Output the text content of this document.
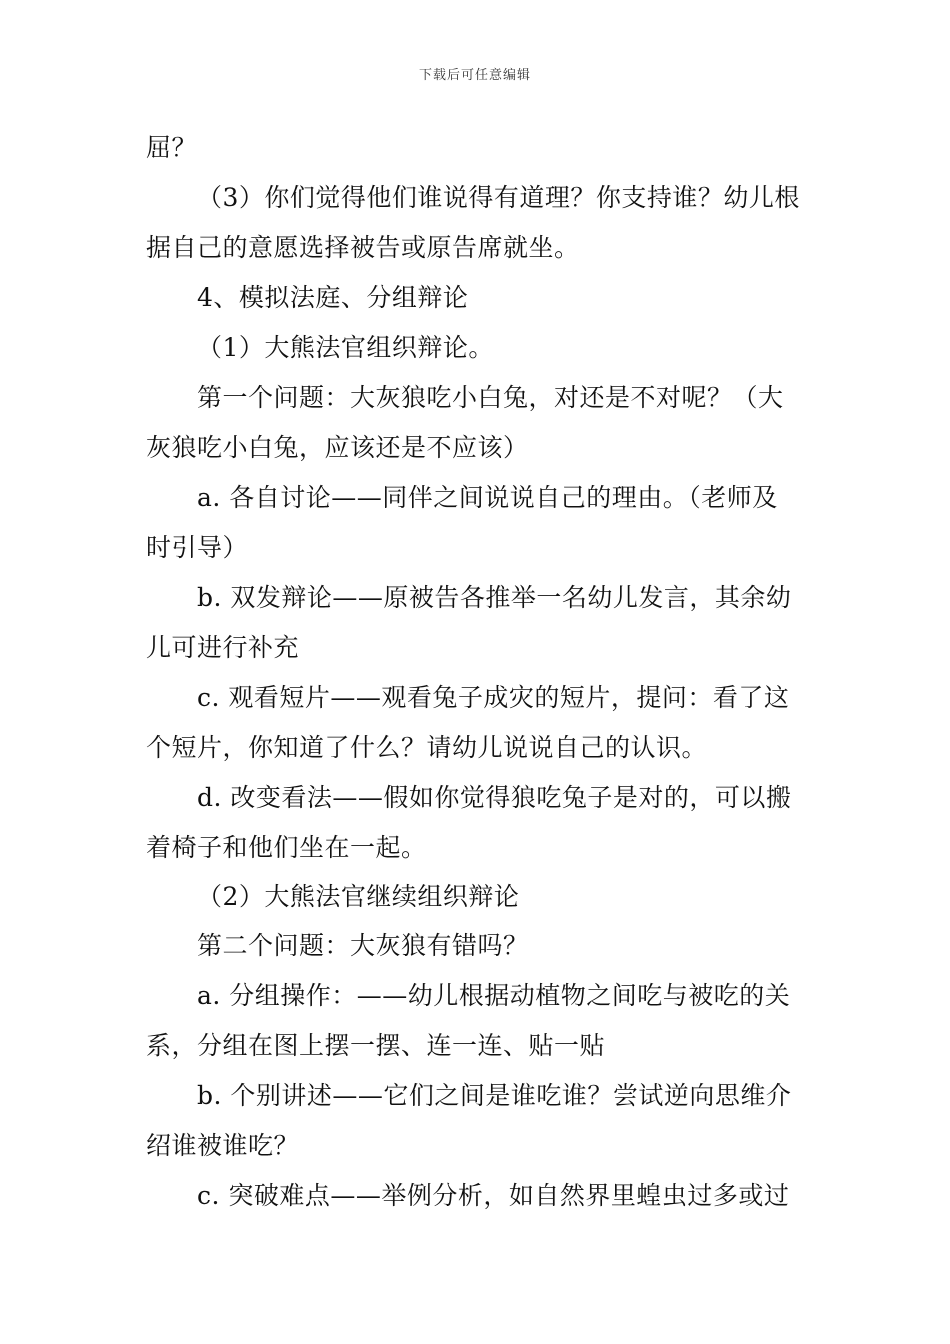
下载后可任意编辑
屈？
（3）你们觉得他们谁说得有道理？你支持谁？幼儿根
据自己的意愿选择被告或原告席就坐。
4、模拟法庭、分组辩论
（1）大熊法官组织辩论。
第一个问题：大灰狼吃小白兔，对还是不对呢？（大
灰狼吃小白兔，应该还是不应该）
a. 各自讨论——同伴之间说说自己的理由。（老师及
时引导）
b. 双发辩论——原被告各推举一名幼儿发言，其余幼
儿可进行补充
c. 观看短片——观看兔子成灾的短片，提问：看了这
个短片，你知道了什么？请幼儿说说自己的认识。
d. 改变看法——假如你觉得狼吃兔子是对的，可以搬
着椅子和他们坐在一起。
（2）大熊法官继续组织辩论
第二个问题：大灰狼有错吗？
a. 分组操作：——幼儿根据动植物之间吃与被吃的关
系，分组在图上摆一摆、连一连、贴一贴
b. 个别讲述——它们之间是谁吃谁？尝试逆向思维介
绍谁被谁吃？
c. 突破难点——举例分析，如自然界里蝗虫过多或过
